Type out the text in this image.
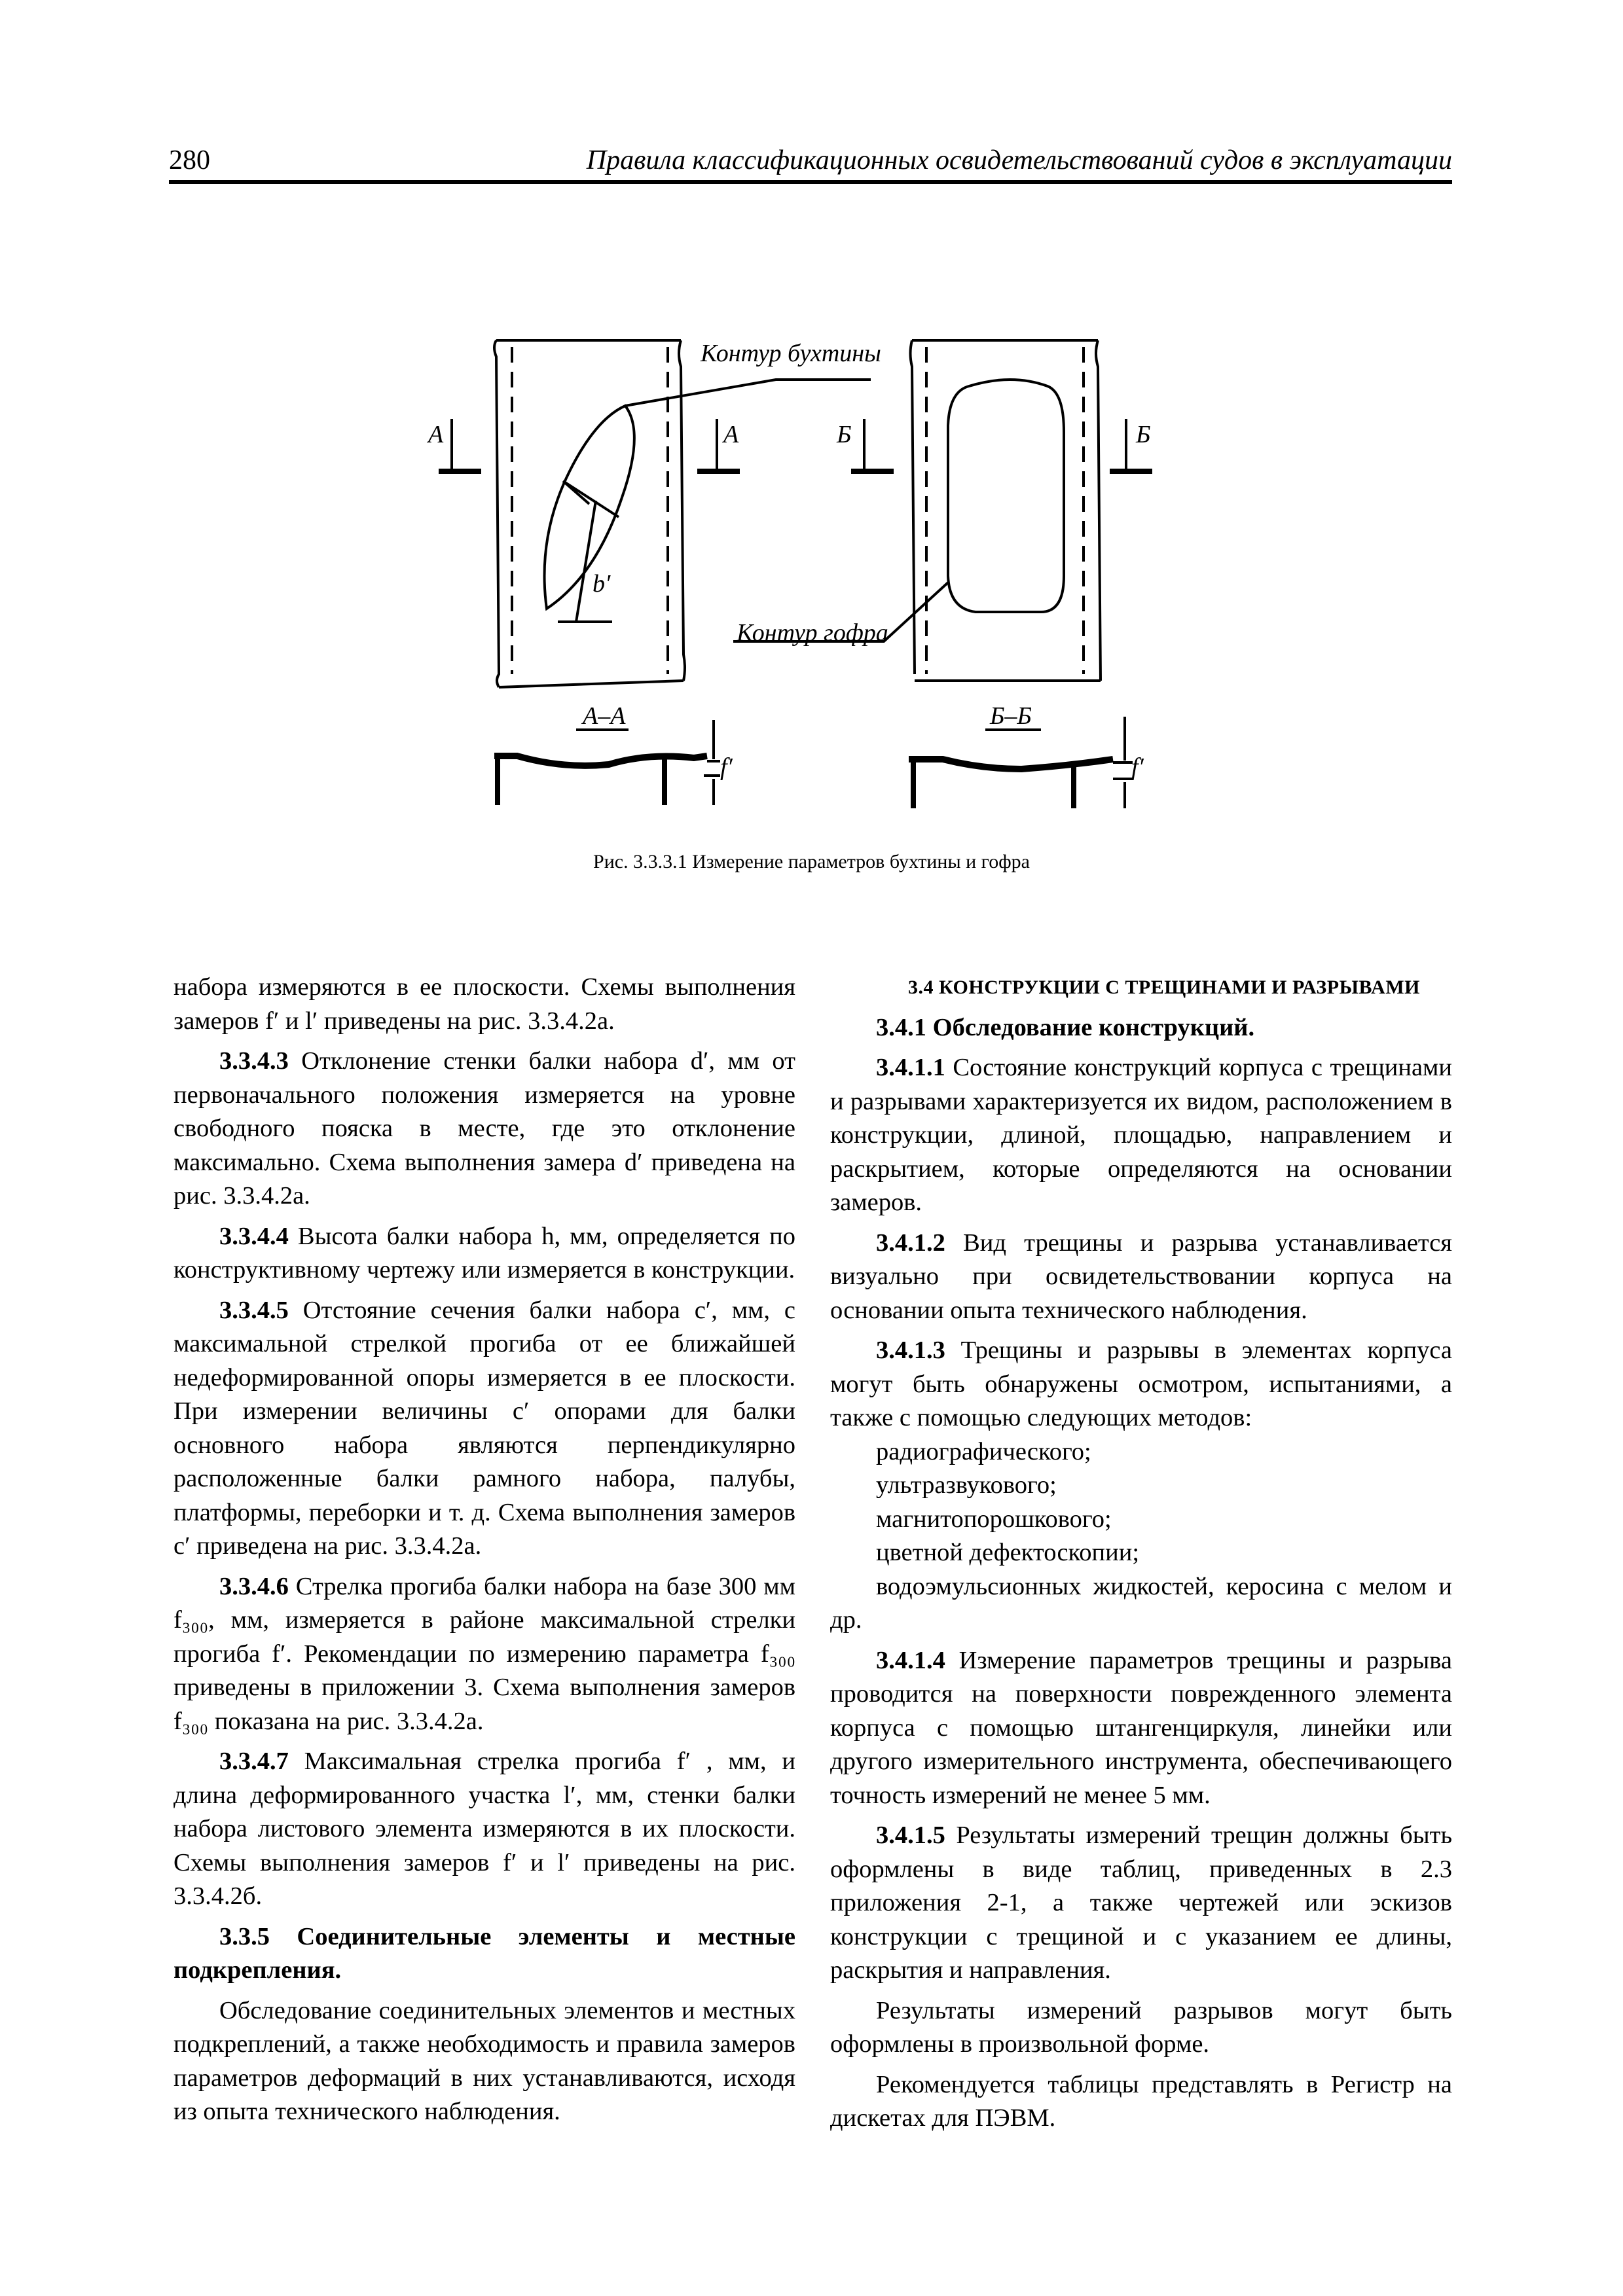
280	Правила классификационных освидетельствований судов в эксплуатации
Контур бухтины
Контур гофра
А	А	Б	Б
А–А	Б–Б
b′
f′	f′
Рис. 3.3.3.1 Измерение параметров бухтины и гофра

набора измеряются в ее плоскости. Схемы выполнения замеров f′ и l′ приведены на рис. 3.3.4.2а.

3.3.4.3 Отклонение стенки балки набора d′, мм от первоначального положения измеряется на уровне свободного пояска в месте, где это отклонение максимально. Схема выполнения замера d′ приведена на рис. 3.3.4.2а.

3.3.4.4 Высота балки набора h, мм, определяется по конструктивному чертежу или измеряется в конструкции.

3.3.4.5 Отстояние сечения балки набора c′, мм, с максимальной стрелкой прогиба от ее ближайшей недеформированной опоры измеряется в ее плоскости. При измерении величины c′ опорами для балки основного набора являются перпендикулярно расположенные балки рамного набора, палубы, платформы, переборки и т. д. Схема выполнения замеров c′ приведена на рис. 3.3.4.2а.

3.3.4.6 Стрелка прогиба балки набора на базе 300 мм f₃₀₀, мм, измеряется в районе максимальной стрелки прогиба f′. Рекомендации по измерению параметра f₃₀₀ приведены в приложении 3. Схема выполнения замеров f₃₀₀ показана на рис. 3.3.4.2а.

3.3.4.7 Максимальная стрелка прогиба f′ , мм, и длина деформированного участка l′, мм, стенки балки набора листового элемента измеряются в их плоскости. Схемы выполнения замеров f′ и l′ приведены на рис. 3.3.4.2б.

3.3.5 Соединительные элементы и местные подкрепления.

Обследование соединительных элементов и местных подкреплений, а также необходимость и правила замеров параметров деформаций в них устанавливаются, исходя из опыта технического наблюдения.

3.4 КОНСТРУКЦИИ С ТРЕЩИНАМИ И РАЗРЫВАМИ

3.4.1 Обследование конструкций.

3.4.1.1 Состояние конструкций корпуса с трещинами и разрывами характеризуется их видом, расположением в конструкции, длиной, площадью, направлением и раскрытием, которые определяются на основании замеров.

3.4.1.2 Вид трещины и разрыва устанавливается визуально при освидетельствовании корпуса на основании опыта технического наблюдения.

3.4.1.3 Трещины и разрывы в элементах корпуса могут быть обнаружены осмотром, испытаниями, а также с помощью следующих методов:

радиографического;

ультразвукового;

магнитопорошкового;

цветной дефектоскопии;

водоэмульсионных жидкостей, керосина с мелом и др.

3.4.1.4 Измерение параметров трещины и разрыва проводится на поверхности поврежденного элемента корпуса с помощью штангенциркуля, линейки или другого измерительного инструмента, обеспечивающего точность измерений не менее 5 мм.

3.4.1.5 Результаты измерений трещин должны быть оформлены в виде таблиц, приведенных в 2.3 приложения 2-1, а также чертежей или эскизов конструкции с трещиной и с указанием ее длины, раскрытия и направления.

Результаты измерений разрывов могут быть оформлены в произвольной форме.

Рекомендуется таблицы представлять в Регистр на дискетах для ПЭВМ.
